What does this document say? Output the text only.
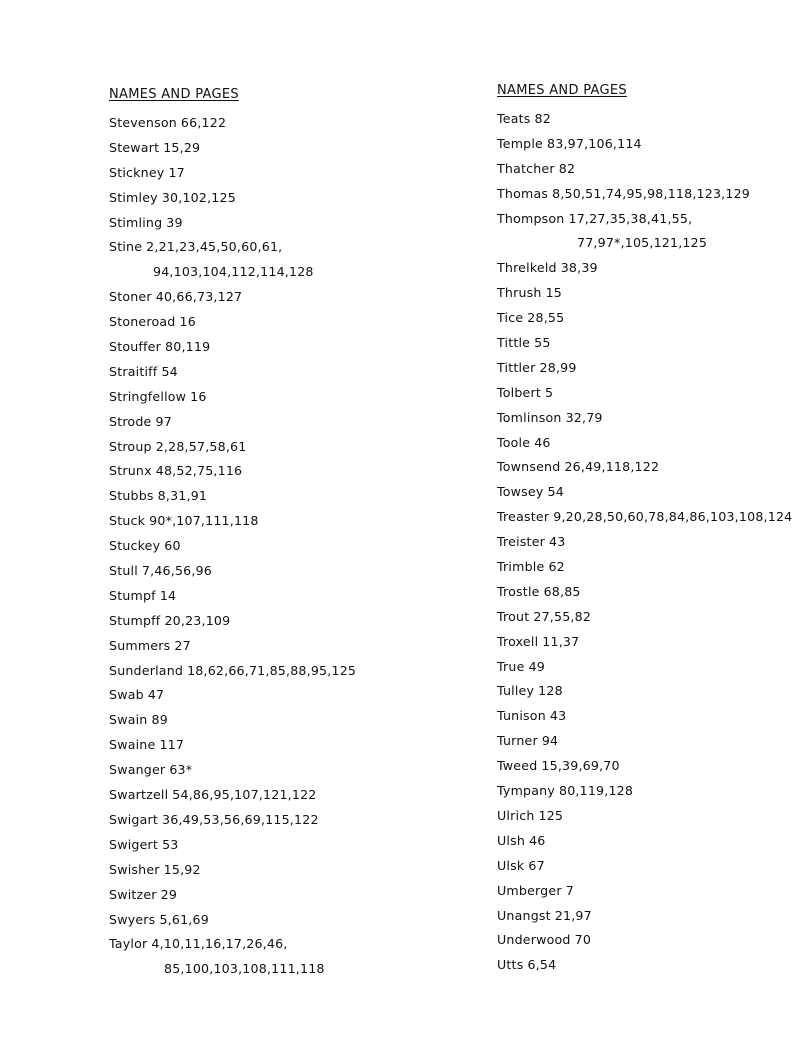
NAMES AND PAGES
Stevenson 66,122
Stewart 15,29
Stickney 17
Stimley 30,102,125
Stimling 39
Stine 2,21,23,45,50,60,61,
94,103,104,112,114,128
Stoner 40,66,73,127
Stoneroad 16
Stouffer 80,119
Straitiff 54
Stringfellow 16
Strode 97
Stroup 2,28,57,58,61
Strunx 48,52,75,116
Stubbs 8,31,91
Stuck 90*,107,111,118
Stuckey 60
Stull 7,46,56,96
Stumpf 14
Stumpff 20,23,109
Summers 27
Sunderland 18,62,66,71,85,88,95,125
Swab 47
Swain 89
Swaine 117
Swanger 63*
Swartzell 54,86,95,107,121,122
Swigart 36,49,53,56,69,115,122
Swigert 53
Swisher 15,92
Switzer 29
Swyers 5,61,69
Taylor 4,10,11,16,17,26,46,
85,100,103,108,111,118
NAMES AND PAGES
Teats 82
Temple 83,97,106,114
Thatcher 82
Thomas 8,50,51,74,95,98,118,123,129
Thompson 17,27,35,38,41,55,
77,97*,105,121,125
Threlkeld 38,39
Thrush 15
Tice 28,55
Tittle 55
Tittler 28,99
Tolbert 5
Tomlinson 32,79
Toole 46
Townsend 26,49,118,122
Towsey 54
Treaster 9,20,28,50,60,78,84,86,103,108,124
Treister 43
Trimble 62
Trostle 68,85
Trout 27,55,82
Troxell 11,37
True 49
Tulley 128
Tunison 43
Turner 94
Tweed 15,39,69,70
Tympany 80,119,128
Ulrich 125
Ulsh 46
Ulsk 67
Umberger 7
Unangst 21,97
Underwood 70
Utts 6,54
